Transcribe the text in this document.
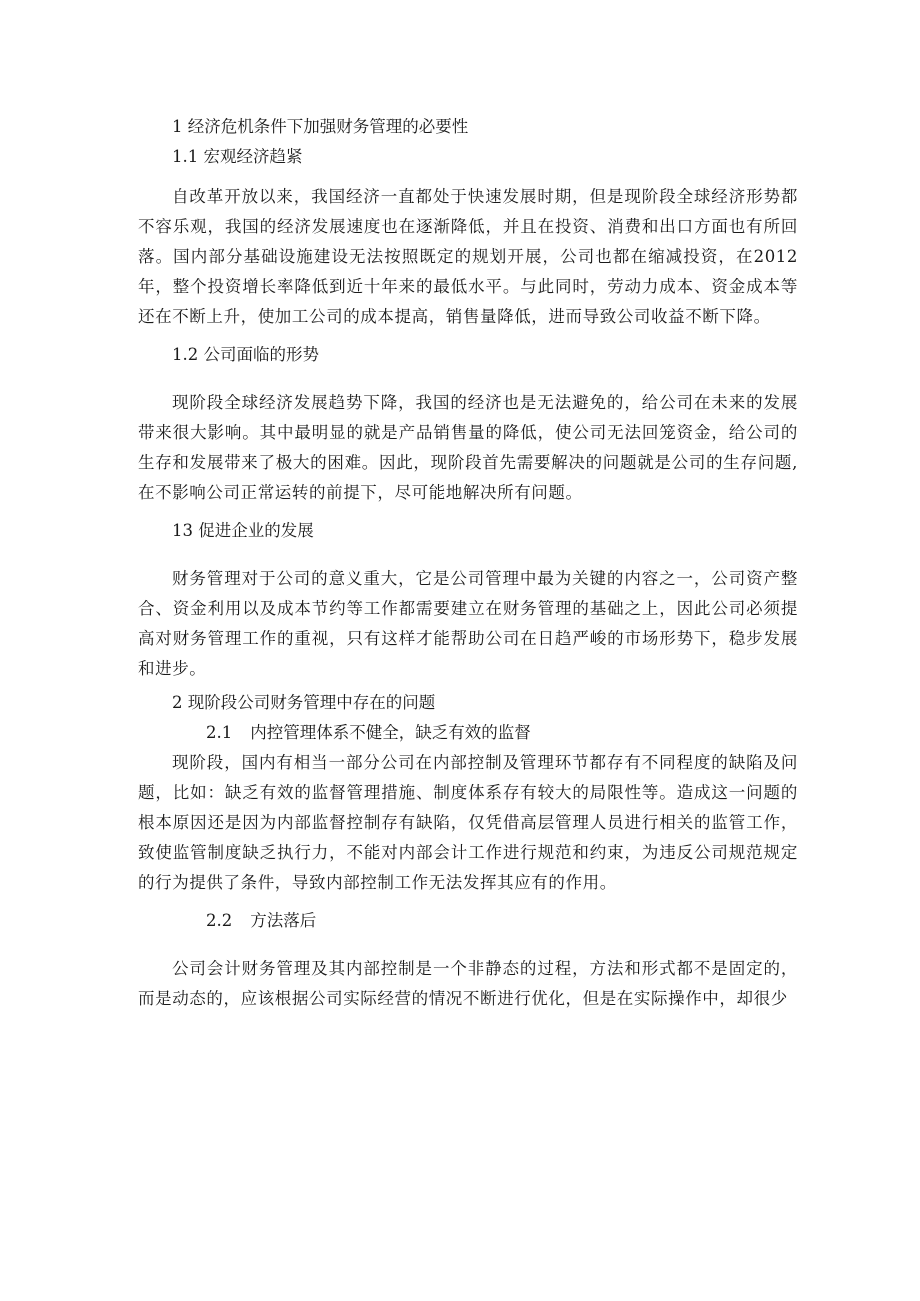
1 经济危机条件下加强财务管理的必要性

1.1 宏观经济趋紧

自改革开放以来，我国经济一直都处于快速发展时期，但是现阶段全球经济形势都不容乐观，我国的经济发展速度也在逐渐降低，并且在投资、消费和出口方面也有所回落。国内部分基础设施建设无法按照既定的规划开展，公司也都在缩减投资，在2012年，整个投资增长率降低到近十年来的最低水平。与此同时，劳动力成本、资金成本等还在不断上升，使加工公司的成本提高，销售量降低，进而导致公司收益不断下降。

1.2 公司面临的形势

现阶段全球经济发展趋势下降，我国的经济也是无法避免的，给公司在未来的发展带来很大影响。其中最明显的就是产品销售量的降低，使公司无法回笼资金，给公司的生存和发展带来了极大的困难。因此，现阶段首先需要解决的问题就是公司的生存问题,在不影响公司正常运转的前提下，尽可能地解决所有问题。

13 促进企业的发展

财务管理对于公司的意义重大，它是公司管理中最为关键的内容之一，公司资产整合、资金利用以及成本节约等工作都需要建立在财务管理的基础之上，因此公司必须提高对财务管理工作的重视，只有这样才能帮助公司在日趋严峻的市场形势下，稳步发展和进步。

2 现阶段公司财务管理中存在的问题

2.1 内控管理体系不健全，缺乏有效的监督

现阶段，国内有相当一部分公司在内部控制及管理环节都存有不同程度的缺陷及问题，比如：缺乏有效的监督管理措施、制度体系存有较大的局限性等。造成这一问题的根本原因还是因为内部监督控制存有缺陷，仅凭借高层管理人员进行相关的监管工作，致使监管制度缺乏执行力，不能对内部会计工作进行规范和约束，为违反公司规范规定的行为提供了条件，导致内部控制工作无法发挥其应有的作用。

2.2 方法落后

公司会计财务管理及其内部控制是一个非静态的过程，方法和形式都不是固定的，而是动态的，应该根据公司实际经营的情况不断进行优化，但是在实际操作中，却很少
